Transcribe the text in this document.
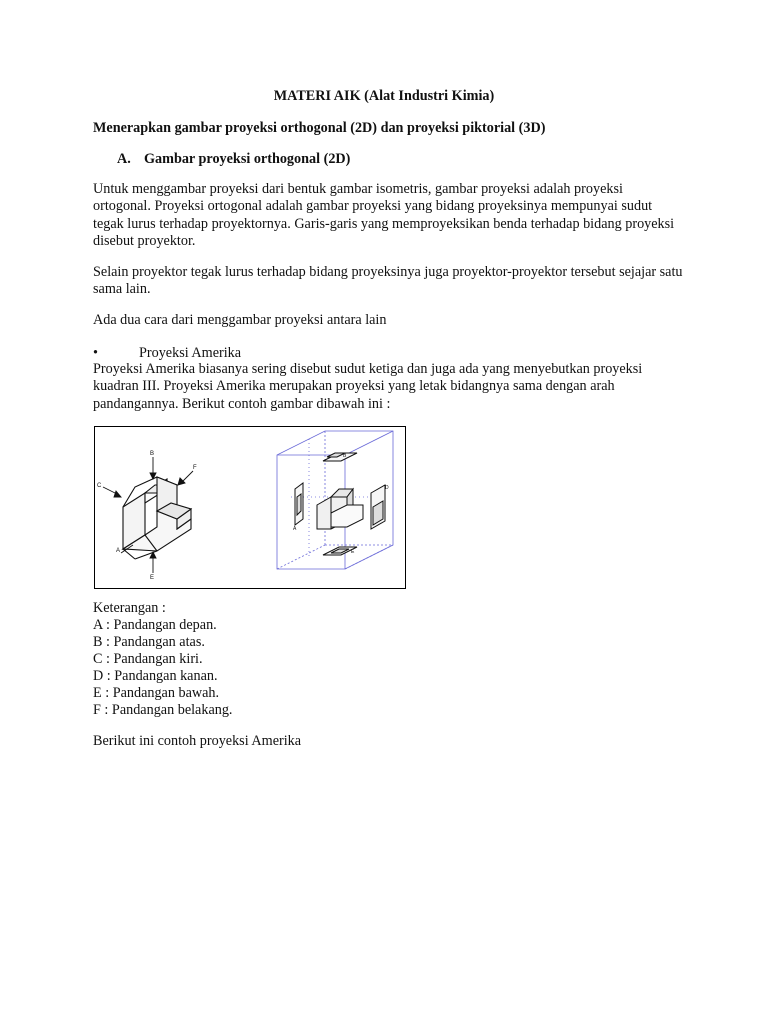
MATERI AIK (Alat Industri Kimia)
Menerapkan gambar proyeksi orthogonal (2D) dan proyeksi piktorial (3D)
A. Gambar proyeksi orthogonal (2D)
Untuk menggambar proyeksi dari bentuk gambar isometris, gambar proyeksi adalah proyeksi ortogonal. Proyeksi ortogonal adalah gambar proyeksi yang bidang proyeksinya mempunyai sudut tegak lurus terhadap proyektornya. Garis-garis yang memproyeksikan benda terhadap bidang proyeksi disebut proyektor.
Selain proyektor tegak lurus terhadap bidang proyeksinya juga proyektor-proyektor tersebut sejajar satu sama lain.
Ada dua cara dari menggambar proyeksi antara lain
•	Proyeksi Amerika
Proyeksi Amerika biasanya sering disebut sudut ketiga dan juga ada yang menyebutkan proyeksi kuadran III. Proyeksi Amerika merupakan proyeksi yang letak bidangnya sama dengan arah pandangannya. Berikut contoh gambar dibawah ini :
B
C
F
A
E
B
A
E
D
Keterangan :
A : Pandangan depan.
B : Pandangan atas.
C : Pandangan kiri.
D : Pandangan kanan.
E : Pandangan bawah.
F : Pandangan belakang.
Berikut ini contoh proyeksi Amerika
